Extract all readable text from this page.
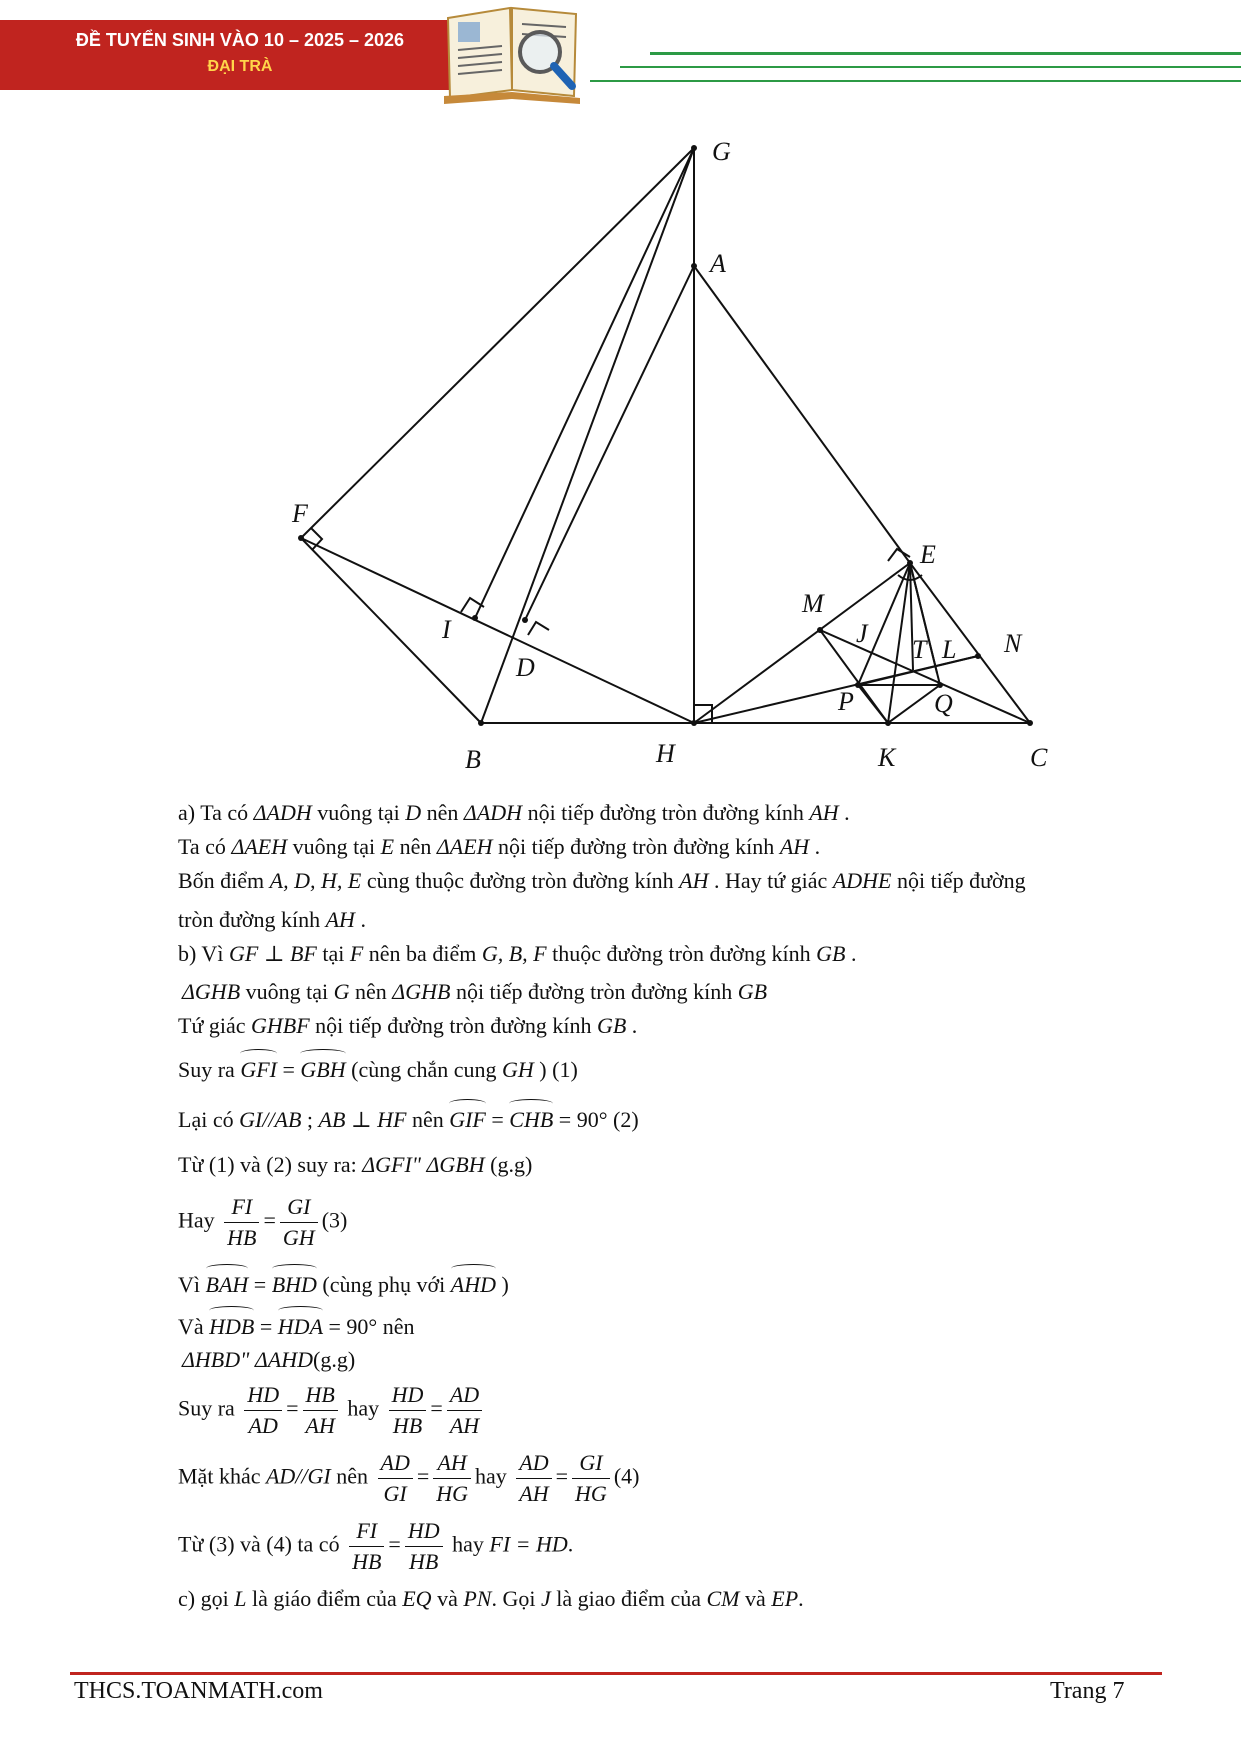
ĐỀ TUYỂN SINH VÀO 10 – 2025 – 2026
ĐẠI TRÀ
G
A
F
E
M
J
T L N
I
D
P	Q
B	H	K	C
a) Ta có ΔADH vuông tại D nên ΔADH nội tiếp đường tròn đường kính AH .
Ta có ΔAEH vuông tại E nên ΔAEH nội tiếp đường tròn đường kính AH .
Bốn điểm A, D, H, E cùng thuộc đường tròn đường kính AH . Hay tứ giác ADHE nội tiếp đường
tròn đường kính AH .
b) Vì GF ⊥ BF tại F nên ba điểm G, B, F thuộc đường tròn đường kính GB .
ΔGHB vuông tại G nên ΔGHB nội tiếp đường tròn đường kính GB
Tứ giác GHBF nội tiếp đường tròn đường kính GB .
Suy ra GFI = GBH (cùng chắn cung GH ) (1)
Lại có GI//AB ; AB ⊥ HF nên GIF = CHB = 90° (2)
Từ (1) và (2) suy ra: ΔGFI" ΔGBH (g.g)
Hay $\frac{FI}{HB} = \frac{GI}{GH} (3)$
Vì BAH = BHD (cùng phụ với AHD )
Và HDB = HDA = 90° nên
ΔHBD" ΔAHD(g.g)
Suy ra $\frac{HD}{AD} = \frac{HB}{AH}$ hay $\frac{HD}{HB} = \frac{AD}{AH}$
Mặt khác AD//GI nên $\frac{AD}{GI} = \frac{AH}{HG}$ hay $\frac{AD}{AH} = \frac{GI}{HG} (4)$
Từ (3) và (4) ta có $\frac{FI}{HB} = \frac{HD}{HB}$ hay FI = HD.
c) gọi L là giáo điểm của EQ và PN. Gọi J là giao điểm của CM và EP.
THCS.TOANMATH.com	Trang 7
